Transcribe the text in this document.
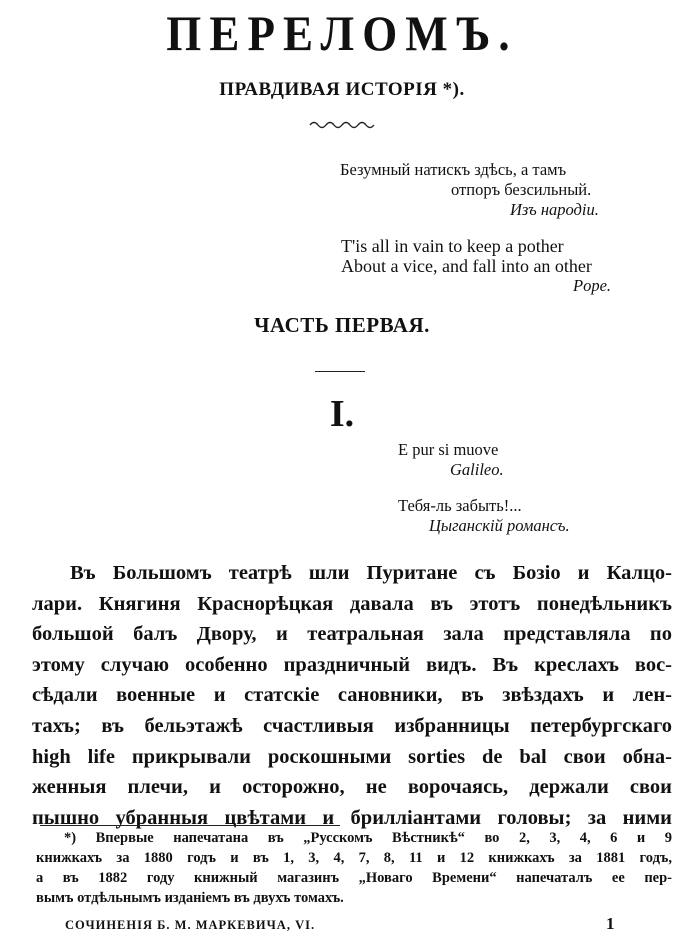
ПЕРЕЛОМЪ.
ПРАВДИВАЯ ИСТОРІЯ *).
Безумный натискъ здѣсь, а тамъ
отпоръ безсильный.
Изъ народіи.
T'is all in vain to keep a pother
About a vice, and fall into an other
Pope.
ЧАСТЬ ПЕРВАЯ.
I.
E pur si muove
Galileo.
Тебя-ль забыть!...
Цыганскій романсъ.
Въ Большомъ театрѣ шли Пуритане съ Бозіо и Калцо-
лари. Княгиня Краснорѣцкая давала въ этотъ понедѣльникъ
большой балъ Двору, и театральная зала представляла по
этому случаю особенно праздничный видъ. Въ креслахъ вос-
сѣдали военные и статскіе сановники, въ звѣздахъ и лен-
тахъ; въ бельэтажѣ счастливыя избранницы петербургскаго
high life прикрывали роскошными sorties de bal свои обна-
женныя плечи, и осторожно, не ворочаясь, держали свои
пышно убранныя цвѣтами и брилліантами головы; за ними
*) Впервые напечатана въ „Русскомъ Вѣстникѣ“ во 2, 3, 4, 6 и 9
книжкахъ за 1880 годъ и въ 1, 3, 4, 7, 8, 11 и 12 книжкахъ за 1881 годъ,
а въ 1882 году книжный магазинъ „Новаго Времени“ напечаталъ ее пер-
вымъ отдѣльнымъ изданіемъ въ двухъ томахъ.
СОЧИНЕНІЯ Б. М. МАРКЕВИЧА, VI.	1
